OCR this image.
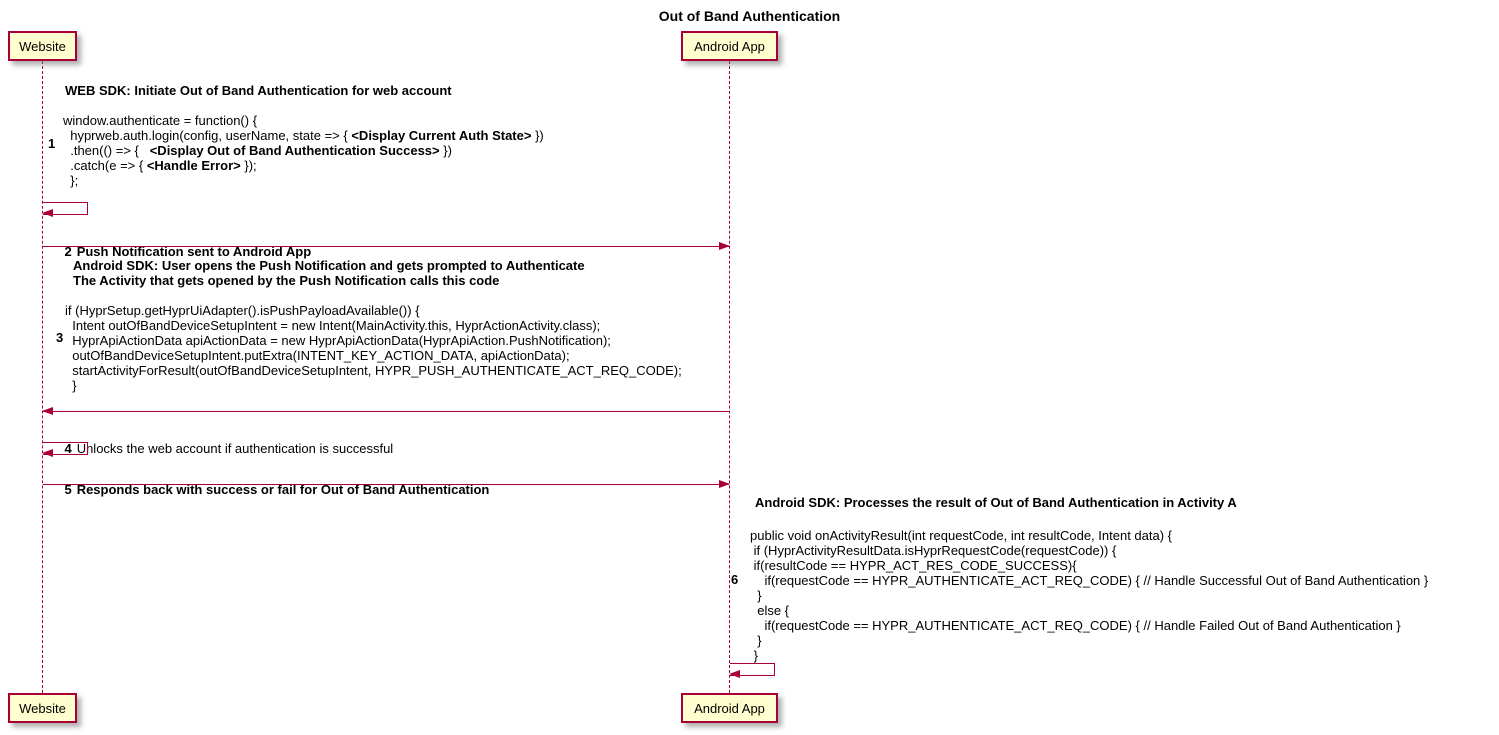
Out of Band Authentication
Website	Android App
WEB SDK: Initiate Out of Band Authentication for web account
1
window.authenticate = function() {
hyprweb.auth.login(config, userName, state => { <Display Current Auth State> })
.then(() => {   <Display Out of Band Authentication Success> })
.catch(e => { <Handle Error> });
};

2 Push Notification sent to Android App

Android SDK: User opens the Push Notification and gets prompted to Authenticate
The Activity that gets opened by the Push Notification calls this code
3
if (HyprSetup.getHyprUiAdapter().isPushPayloadAvailable()) {
Intent outOfBandDeviceSetupIntent = new Intent(MainActivity.this, HyprActionActivity.class);
HyprApiActionData apiActionData = new HyprApiActionData(HyprApiAction.PushNotification);
outOfBandDeviceSetupIntent.putExtra(INTENT_KEY_ACTION_DATA, apiActionData);
startActivityForResult(outOfBandDeviceSetupIntent, HYPR_PUSH_AUTHENTICATE_ACT_REQ_CODE);
}

4 Unlocks the web account if authentication is successful

5 Responds back with success or fail for Out of Band Authentication

Android SDK: Processes the result of Out of Band Authentication in Activity A
6
public void onActivityResult(int requestCode, int resultCode, Intent data) {
if (HyprActivityResultData.isHyprRequestCode(requestCode)) {
if(resultCode == HYPR_ACT_RES_CODE_SUCCESS){
if(requestCode == HYPR_AUTHENTICATE_ACT_REQ_CODE) { // Handle Successful Out of Band Authentication }
}
else {
if(requestCode == HYPR_AUTHENTICATE_ACT_REQ_CODE) { // Handle Failed Out of Band Authentication }
}
}
Website	Android App
